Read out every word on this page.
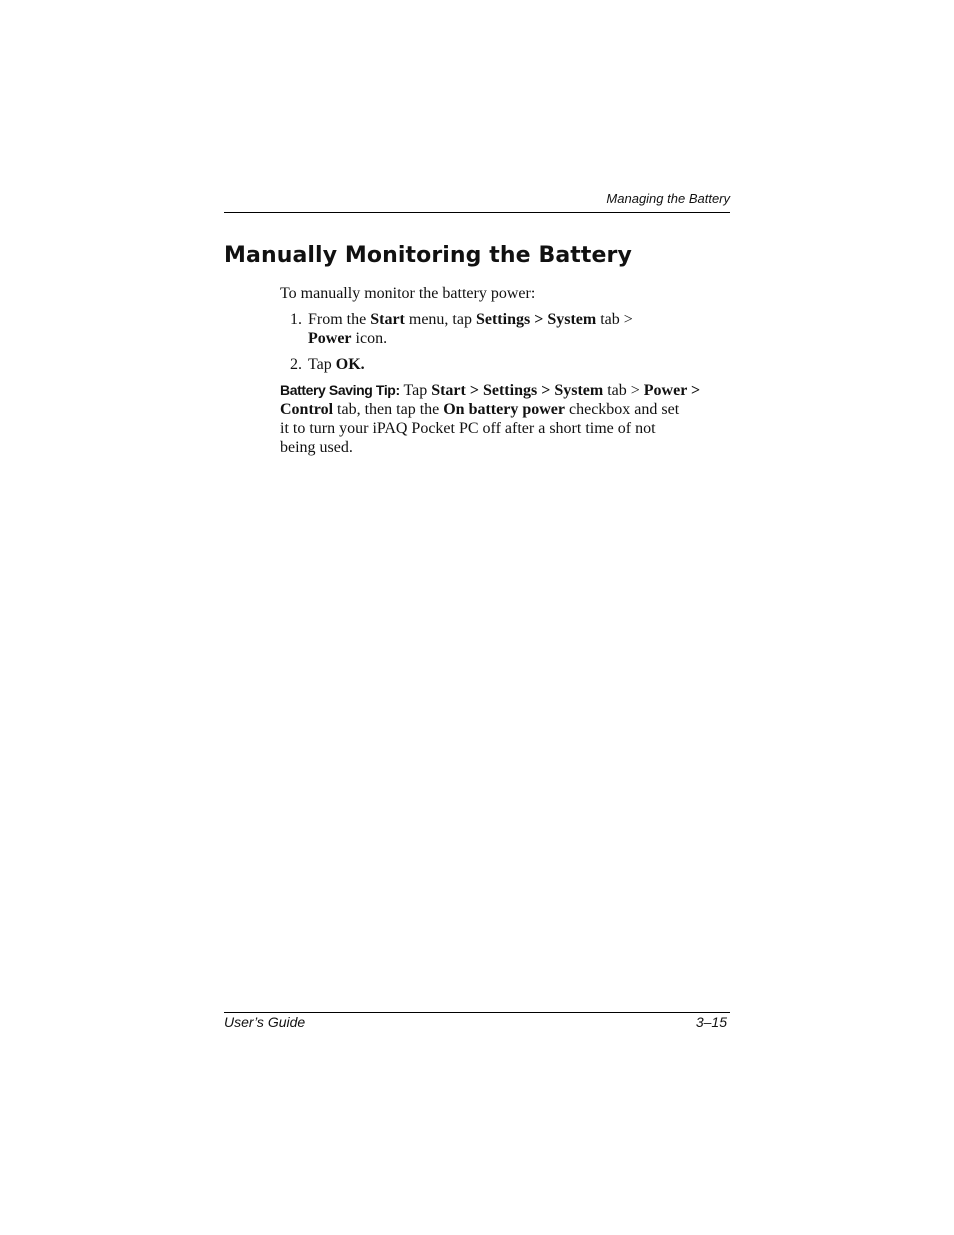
Managing the Battery
Manually Monitoring the Battery
To manually monitor the battery power:
1. From the Start menu, tap Settings > System tab >
Power icon.
2. Tap OK.
Battery Saving Tip: Tap Start > Settings > System tab > Power >
Control tab, then tap the On battery power checkbox and set
it to turn your iPAQ Pocket PC off after a short time of not
being used.
User’s Guide	3–15
